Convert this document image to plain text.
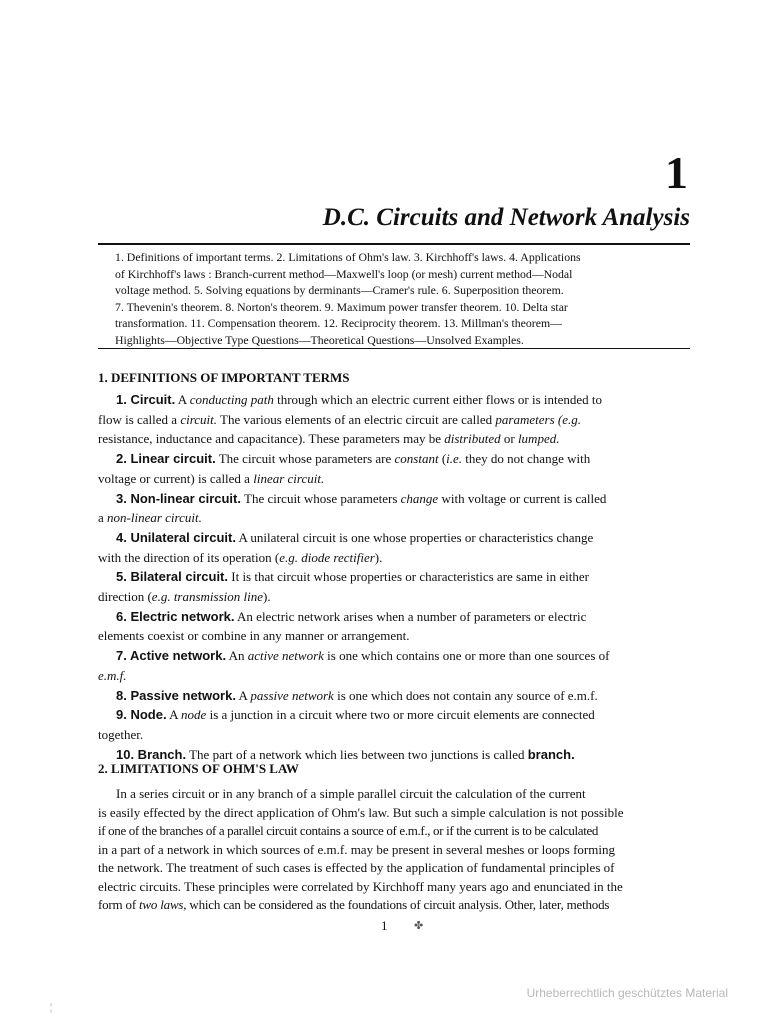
1
D.C. Circuits and Network Analysis
1. Definitions of important terms. 2. Limitations of Ohm's law. 3. Kirchhoff's laws. 4. Applications
of Kirchhoff's laws : Branch-current method—Maxwell's loop (or mesh) current method—Nodal
voltage method. 5. Solving equations by derminants—Cramer's rule. 6. Superposition theorem.
7. Thevenin's theorem. 8. Norton's theorem. 9. Maximum power transfer theorem. 10. Delta star
transformation. 11. Compensation theorem. 12. Reciprocity theorem. 13. Millman's theorem—
Highlights—Objective Type Questions—Theoretical Questions—Unsolved Examples.
1. DEFINITIONS OF IMPORTANT TERMS
1. Circuit. A conducting path through which an electric current either flows or is intended to
flow is called a circuit. The various elements of an electric circuit are called parameters (e.g.
resistance, inductance and capacitance). These parameters may be distributed or lumped.
2. Linear circuit. The circuit whose parameters are constant (i.e. they do not change with
voltage or current) is called a linear circuit.
3. Non-linear circuit. The circuit whose parameters change with voltage or current is called
a non-linear circuit.
4. Unilateral circuit. A unilateral circuit is one whose properties or characteristics change
with the direction of its operation (e.g. diode rectifier).
5. Bilateral circuit. It is that circuit whose properties or characteristics are same in either
direction (e.g. transmission line).
6. Electric network. An electric network arises when a number of parameters or electric
elements coexist or combine in any manner or arrangement.
7. Active network. An active network is one which contains one or more than one sources of
e.m.f.
8. Passive network. A passive network is one which does not contain any source of e.m.f.
9. Node. A node is a junction in a circuit where two or more circuit elements are connected
together.
10. Branch. The part of a network which lies between two junctions is called branch.
2. LIMITATIONS OF OHM'S LAW
In a series circuit or in any branch of a simple parallel circuit the calculation of the current
is easily effected by the direct application of Ohm's law. But such a simple calculation is not possible
if one of the branches of a parallel circuit contains a source of e.m.f., or if the current is to be calculated
in a part of a network in which sources of e.m.f. may be present in several meshes or loops forming
the network. The treatment of such cases is effected by the application of fundamental principles of
electric circuits. These principles were correlated by Kirchhoff many years ago and enunciated in the
form of two laws, which can be considered as the foundations of circuit analysis. Other, later, methods
1 ✤
Urheberrechtlich geschütztes Material
¦
